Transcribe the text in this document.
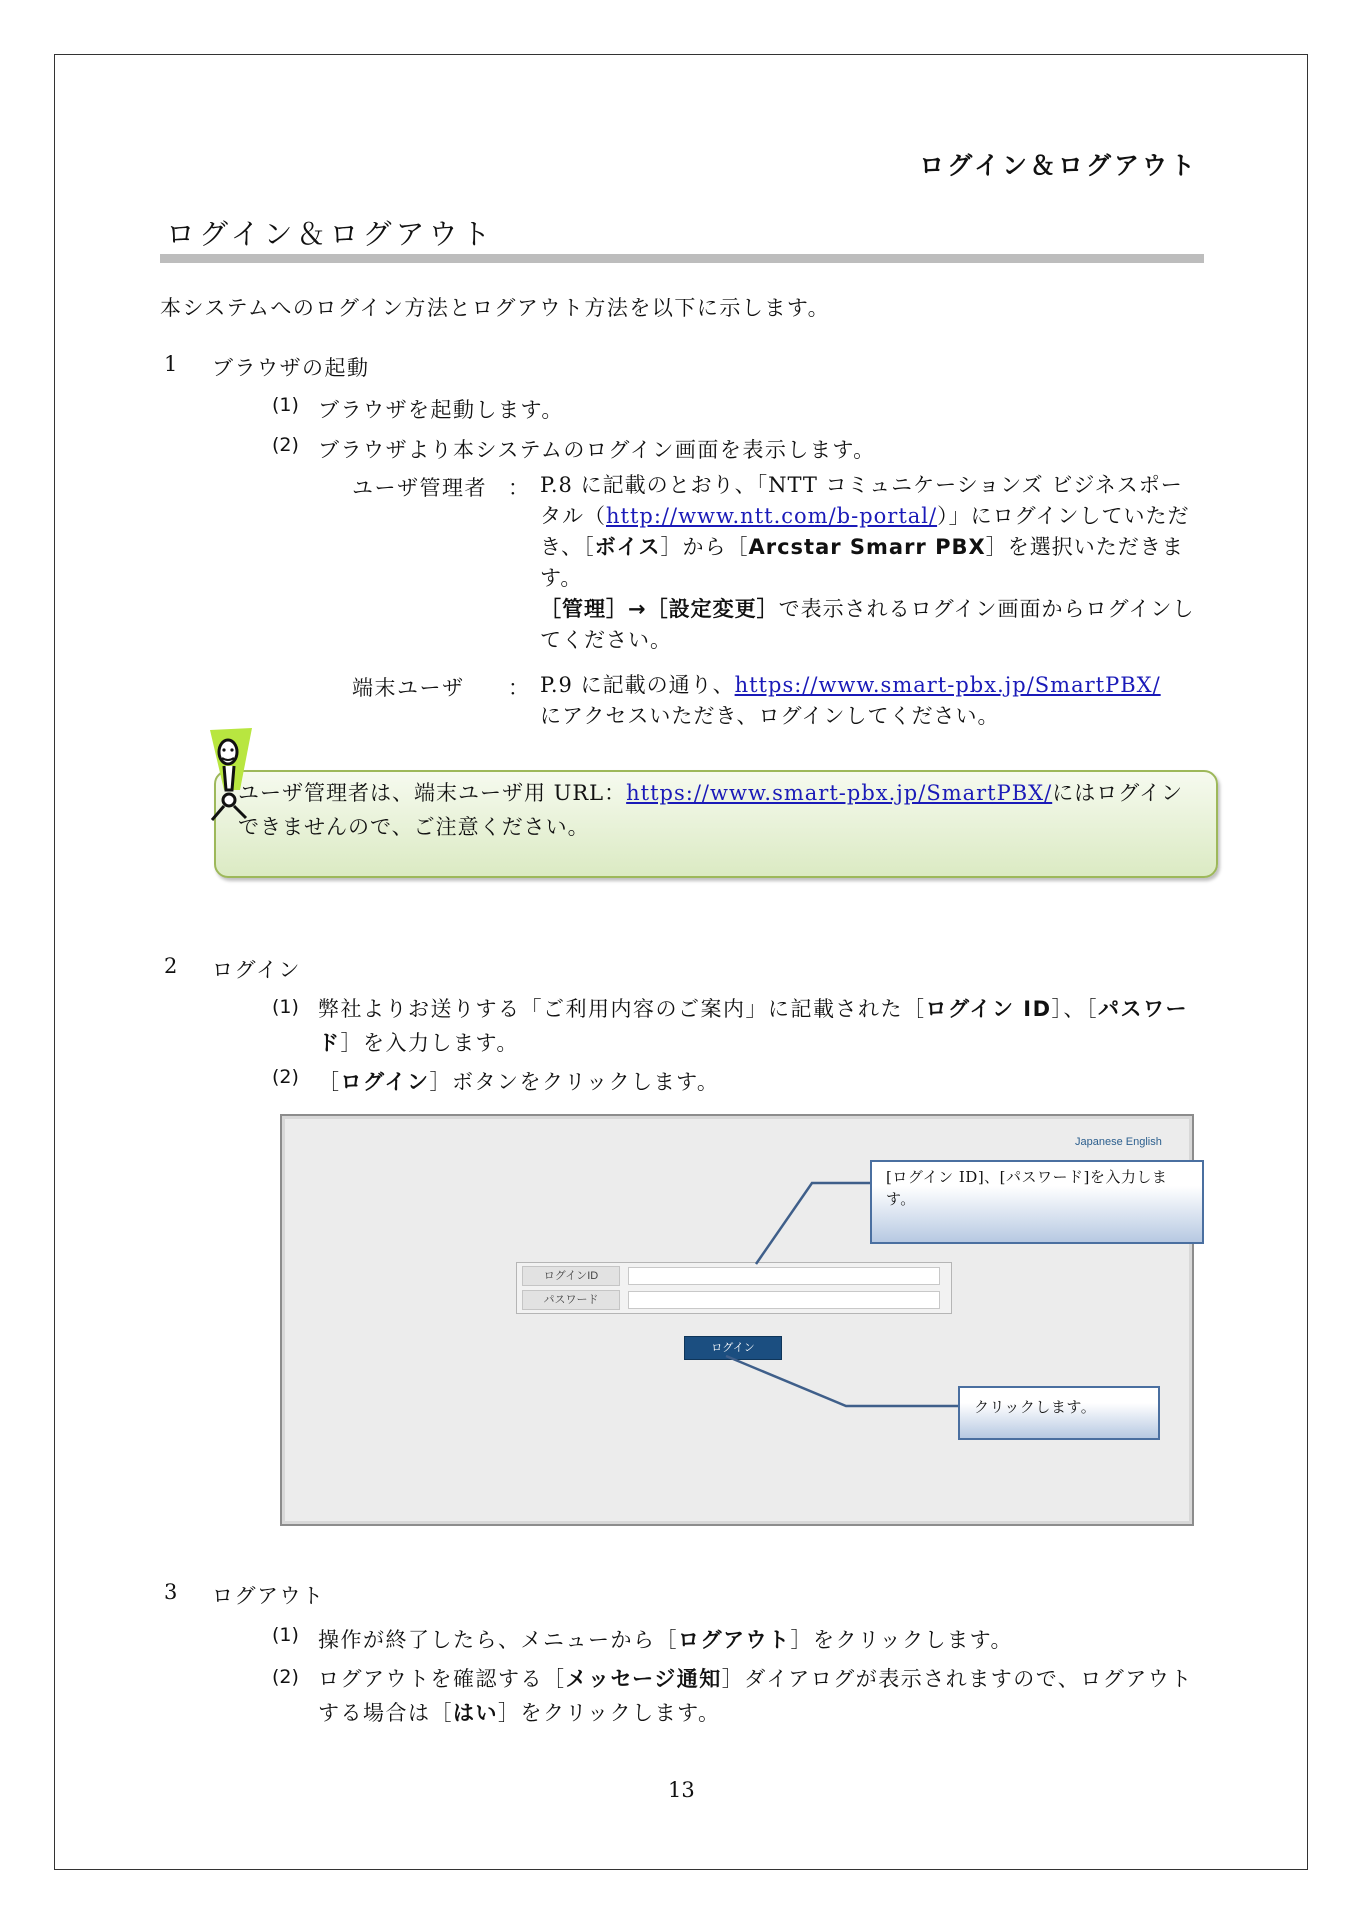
ログイン＆ログアウト
ログイン＆ログアウト
本システムへのログイン方法とログアウト方法を以下に示します。
1 ブラウザの起動
(1) ブラウザを起動します。
(2) ブラウザより本システムのログイン画面を表示します。
ユーザ管理者 ： P.8 に記載のとおり、「NTT コミュニケーションズ ビジネスポータル（http://www.ntt.com/b-portal/）」にログインしていただき、［ボイス］から［Arcstar Smarr PBX］を選択いただきます。
［管理］→［設定変更］で表示されるログイン画面からログインしてください。
端末ユーザ ： P.9 に記載の通り、https://www.smart-pbx.jp/SmartPBX/
にアクセスいただき、ログインしてください。
ユーザ管理者は、端末ユーザ用 URL：https://www.smart-pbx.jp/SmartPBX/にはログインできませんので、ご注意ください。
2 ログイン
(1) 弊社よりお送りする「ご利用内容のご案内」に記載された［ログイン ID］、［パスワード］を入力します。
(2) ［ログイン］ボタンをクリックします。
Japanese English
ログインID
パスワード
ログイン
[ログイン ID]、[パスワード]を入力します。
クリックします。
3 ログアウト
(1) 操作が終了したら、メニューから［ログアウト］をクリックします。
(2) ログアウトを確認する［メッセージ通知］ダイアログが表示されますので、ログアウトする場合は［はい］をクリックします。
13
